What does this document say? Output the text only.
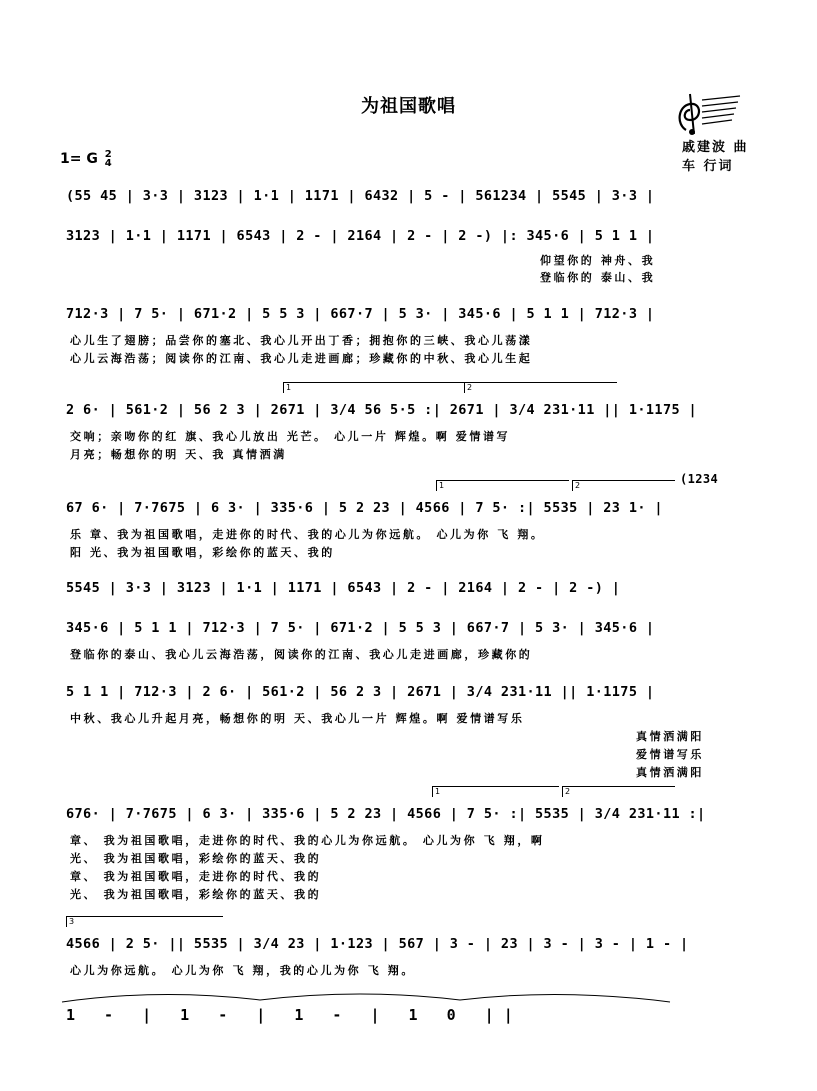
为祖国歌唱
戚建波 曲
车 行词
1= G 2
4
(55 45 | 3·3 | 3123 | 1·1 | 1171 | 6432 | 5 - | 561234 | 5545 | 3·3 |
3123 | 1·1 | 1171 | 6543 | 2 - | 2164 | 2 - | 2 -) |: 345·6 | 5 1 1 |
仰望你的 神舟、我
登临你的 泰山、我
712·3 | 7 5· | 671·2 | 5 5 3 | 667·7 | 5 3· | 345·6 | 5 1 1 | 712·3 |
心儿生了翅膀；品尝你的塞北、我心儿开出丁香；拥抱你的三峡、我心儿荡漾
心儿云海浩荡；阅读你的江南、我心儿走进画廊；珍藏你的中秋、我心儿生起
1	2
2 6· | 561·2 | 56 2 3 | 2671 | 3/4 56 5·5 :| 2671 | 3/4 231·11 || 1·1175 |
交响；亲吻你的红 旗、我心儿放出 光芒。 心儿一片 辉煌。啊 爱情谱写
月亮；畅想你的明 天、我 真情洒满
1	2	(1234
67 6· | 7·7675 | 6 3· | 335·6 | 5 2 23 | 4566 | 7 5· :| 5535 | 23 1· |
乐 章、我为祖国歌唱，走进你的时代、我的心儿为你远航。 心儿为你 飞 翔。
阳 光、我为祖国歌唱，彩绘你的蓝天、我的
5545 | 3·3 | 3123 | 1·1 | 1171 | 6543 | 2 - | 2164 | 2 - | 2 -) |
345·6 | 5 1 1 | 712·3 | 7 5· | 671·2 | 5 5 3 | 667·7 | 5 3· | 345·6 |
登临你的泰山、我心儿云海浩荡，阅读你的江南、我心儿走进画廊，珍藏你的
5 1 1 | 712·3 | 2 6· | 561·2 | 56 2 3 | 2671 | 3/4 231·11 || 1·1175 |
中秋、我心儿升起月亮，畅想你的明 天、我心儿一片 辉煌。啊 爱情谱写乐
真情洒满阳
爱情谱写乐
真情洒满阳
1	2
676· | 7·7675 | 6 3· | 335·6 | 5 2 23 | 4566 | 7 5· :| 5535 | 3/4 231·11 :|
章、 我为祖国歌唱，走进你的时代、我的心儿为你远航。 心儿为你 飞 翔，啊
光、 我为祖国歌唱，彩绘你的蓝天、我的
章、 我为祖国歌唱，走进你的时代、我的
光、 我为祖国歌唱，彩绘你的蓝天、我的
3
4566 | 2 5· || 5535 | 3/4 23 | 1·123 | 567 | 3 - | 23 | 3 - | 3 - | 1 - |
心儿为你远航。 心儿为你 飞 翔，我的心儿为你 飞 翔。
1 - | 1 - | 1 - | 1 0 ||
